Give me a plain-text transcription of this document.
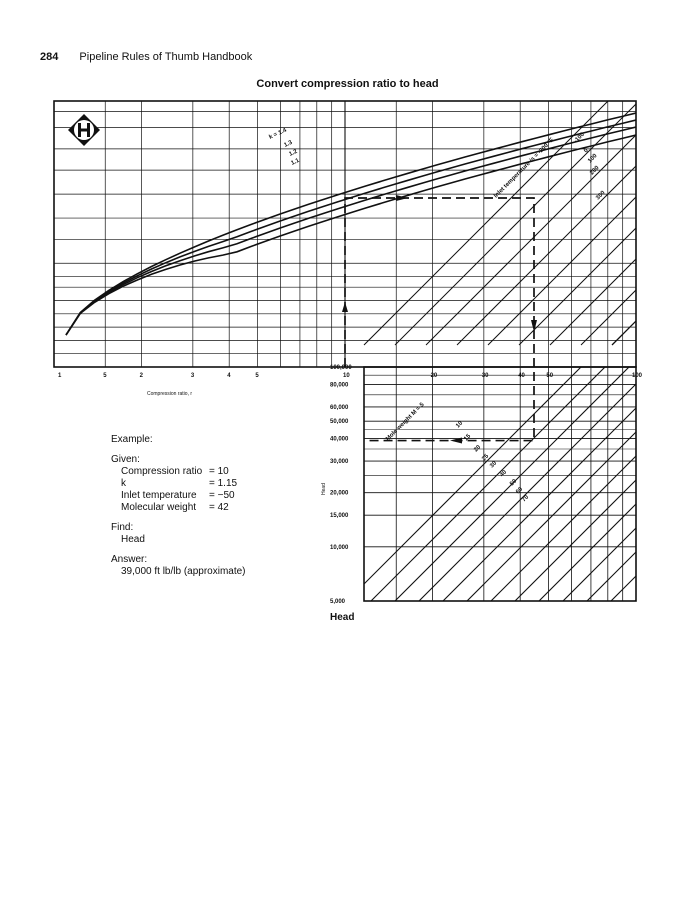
284 Pipeline Rules of Thumb Handbook
Convert compression ratio to head
5	2	3	4	5	10	20	30	40	50	100
1
Compression ratio, r
5,000
10,000
15,000
20,000
30,000
40,000
50,000
60,000
80,000
100,000
Head
k = 1.4
1.3
1.2
1.1	Inlet temperature is = -200 °F	-100
0
100
200
300
Mole weight M = 5	10
15
20
25
30
40
50
60
70
Example:
Given:
Compression ratio = 10
k	= 1.15
Inlet temperature = −50
Molecular weight = 42
Find:
Head
Answer:
39,000 ft lb/lb (approximate)
Head
